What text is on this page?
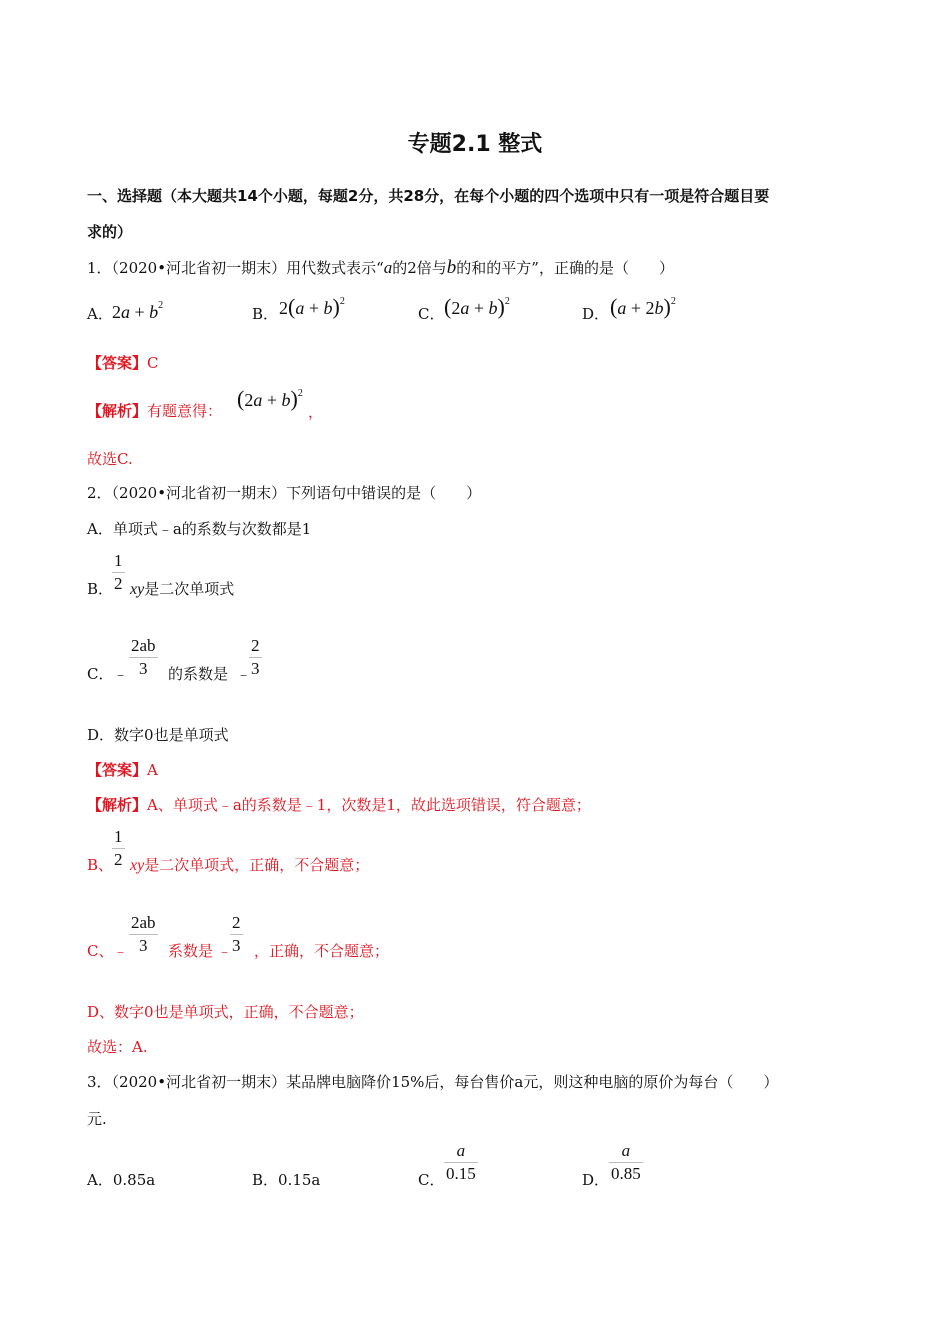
专题2.1 整式
一、选择题（本大题共14个小题，每题2分，共28分，在每个小题的四个选项中只有一项是符合题目要
求的）
1．（2020•河北省初一期末）用代数式表示“a的2倍与b的和的平方”，正确的是（　　）
A． $2a + b^2$	B． $2(a + b)^2$
C． $(2a + b)^2$
D． $(a + 2b)^2$
【答案】C
【解析】有题意得： $(2a + b)^2$
，
故选C.
2．（2020•河北省初一期末）下列语句中错误的是（　　）
A．单项式﹣a的系数与次数都是1
B．
$\frac{1}{2}$ xy是二次单项式
C． ﹣ $\frac{2ab}{3}$ 的系数是 ﹣
$\frac{2}{3}$
D．数字0也是单项式
【答案】A
【解析】A、单项式﹣a的系数是﹣1，次数是1，故此选项错误，符合题意；
B、
$\frac{1}{2}$ xy是二次单项式，正确，不合题意；
C、 ﹣ $\frac{2ab}{3}$ 系数是 ﹣
$\frac{2}{3}$ ，正确，不合题意；
D、数字0也是单项式，正确，不合题意；
故选：A.
3．（2020•河北省初一期末）某品牌电脑降价15%后，每台售价a元，则这种电脑的原价为每台（　　）
元.
A．0.85a	B．0.15a	C． $\frac{a}{0.15}$	D． $\frac{a}{0.85}$
